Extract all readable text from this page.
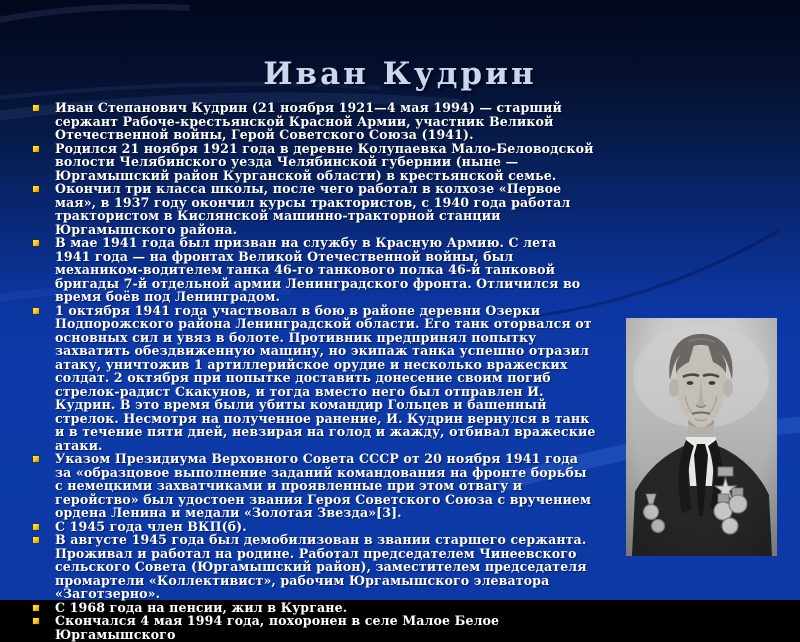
Иван Кудрин

Иван Степанович Кудрин (21 ноября 1921—4 мая 1994) — старший сержант Рабоче-крестьянской Красной Армии, участник Великой Отечественной войны, Герой Советского Союза (1941).

Родился 21 ноября 1921 года в деревне Колупаевка Мало-Беловодской волости Челябинского уезда Челябинской губернии (ныне — Юргамышский район Курганской области) в крестьянской семье.

Окончил три класса школы, после чего работал в колхозе «Первое мая», в 1937 году окончил курсы трактористов, с 1940 года работал трактористом в Кислянской машинно-тракторной станции Юргамышского района.

В мае 1941 года был призван на службу в Красную Армию. С лета 1941 года — на фронтах Великой Отечественной войны, был механиком-водителем танка 46-го танкового полка 46-й танковой бригады 7-й отдельной армии Ленинградского фронта. Отличился во время боёв под Ленинградом.

1 октября 1941 года участвовал в бою в районе деревни Озерки Подпорожского района Ленинградской области. Его танк оторвался от основных сил и увяз в болоте. Противник предпринял попытку захватить обездвиженную машину, но экипаж танка успешно отразил атаку, уничтожив 1 артиллерийское орудие и несколько вражеских солдат. 2 октября при попытке доставить донесение своим погиб стрелок-радист Скакунов, и тогда вместо него был отправлен И. Кудрин. В это время были убиты командир Гольцев и башенный стрелок. Несмотря на полученное ранение, И. Кудрин вернулся в танк и в течение пяти дней, невзирая на голод и жажду, отбивал вражеские атаки.

Указом Президиума Верховного Совета СССР от 20 ноября 1941 года за «образцовое выполнение заданий командования на фронте борьбы с немецкими захватчиками и проявленные при этом отвагу и геройство» был удостоен звания Героя Советского Союза с вручением ордена Ленина и медали «Золотая Звезда»[3].

С 1945 года член ВКП(б).

В августе 1945 года был демобилизован в звании старшего сержанта. Проживал и работал на родине. Работал председателем Чинеевского сельского Совета (Юргамышский район), заместителем председателя промартели «Коллективист», рабочим Юргамышского элеватора «Заготзерно».

С 1968 года на пенсии, жил в Кургане.

Скончался 4 мая 1994 года, похоронен в селе Малое Белое Юргамышского
